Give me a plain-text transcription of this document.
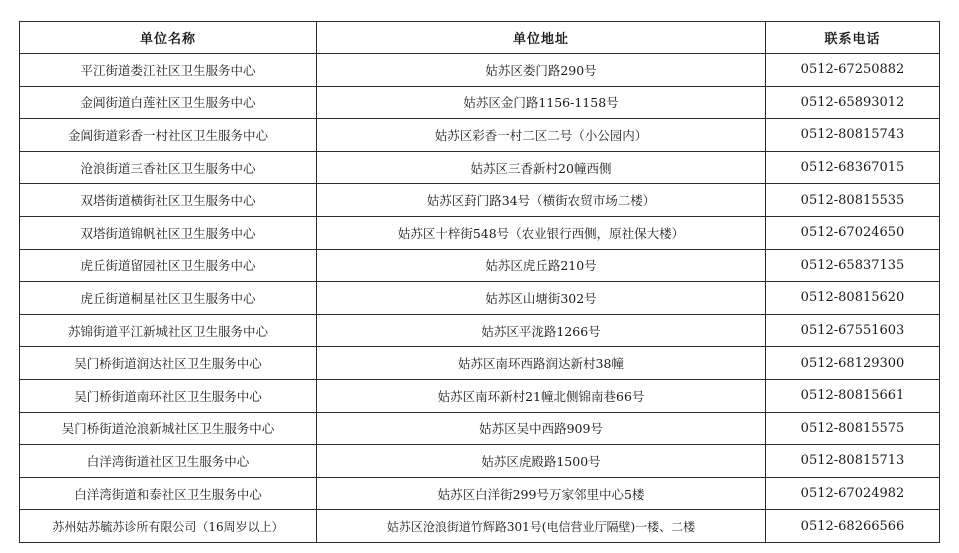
单位名称	单位地址	联系电话
平江街道娄江社区卫生服务中心	姑苏区娄门路290号	0512-67250882
金阊街道白莲社区卫生服务中心	姑苏区金门路1156-1158号	0512-65893012
金阊街道彩香一村社区卫生服务中心	姑苏区彩香一村二区二号（小公园内）	0512-80815743
沧浪街道三香社区卫生服务中心	姑苏区三香新村20幢西侧	0512-68367015
双塔街道横街社区卫生服务中心	姑苏区葑门路34号（横街农贸市场二楼）	0512-80815535
双塔街道锦帆社区卫生服务中心	姑苏区十梓街548号（农业银行西侧，原社保大楼）	0512-67024650
虎丘街道留园社区卫生服务中心	姑苏区虎丘路210号	0512-65837135
虎丘街道桐星社区卫生服务中心	姑苏区山塘街302号	0512-80815620
苏锦街道平江新城社区卫生服务中心	姑苏区平泷路1266号	0512-67551603
吴门桥街道润达社区卫生服务中心	姑苏区南环西路润达新村38幢	0512-68129300
吴门桥街道南环社区卫生服务中心	姑苏区南环新村21幢北侧锦南巷66号	0512-80815661
吴门桥街道沧浪新城社区卫生服务中心	姑苏区吴中西路909号	0512-80815575
白洋湾街道社区卫生服务中心	姑苏区虎殿路1500号	0512-80815713
白洋湾街道和泰社区卫生服务中心	姑苏区白洋街299号万家邻里中心5楼	0512-67024982
苏州姑苏毓苏诊所有限公司（16周岁以上）	姑苏区沧浪街道竹辉路301号(电信营业厅隔壁)一楼、二楼	0512-68266566
